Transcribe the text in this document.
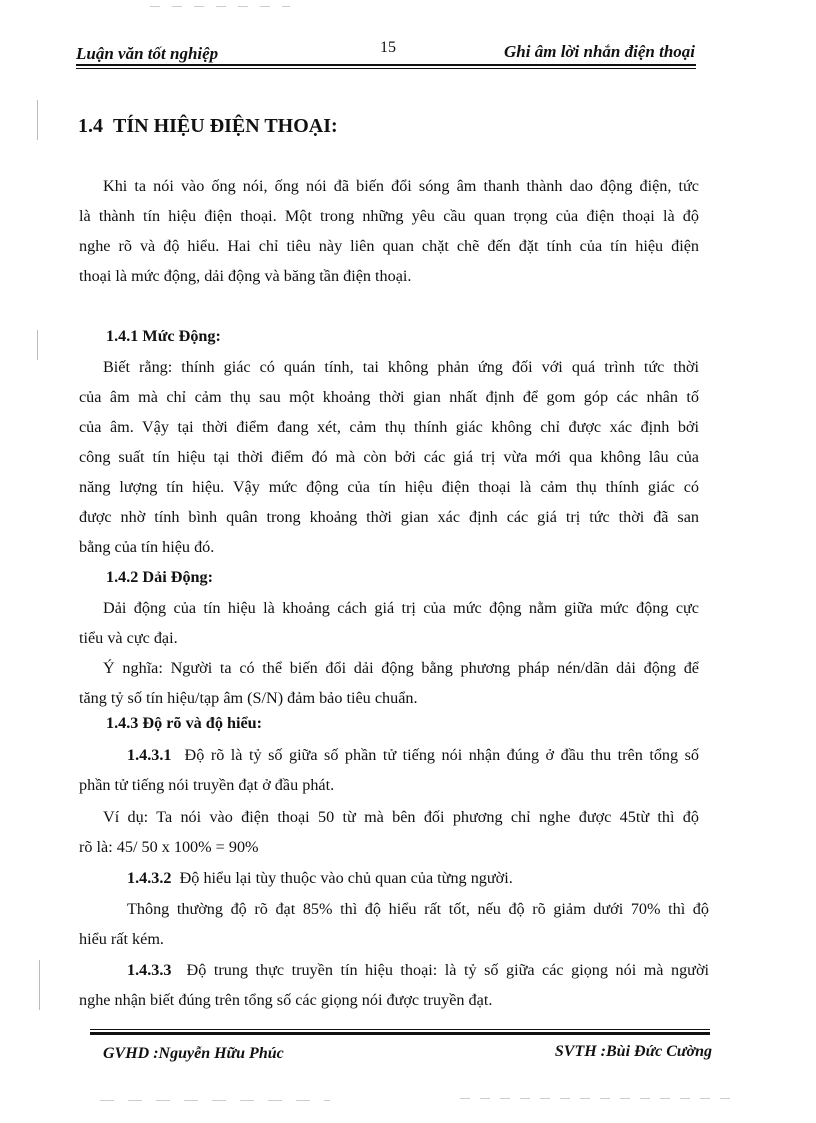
Luận văn tốt nghiệp	15	Ghi âm lời nhắn điện thoại
1.4 TÍN HIỆU ĐIỆN THOẠI:
Khi ta nói vào ống nói, ống nói đã biến đổi sóng âm thanh thành dao động điện, tức
là thành tín hiệu điện thoại. Một trong những yêu cầu quan trọng của điện thoại là độ
nghe rõ và độ hiểu. Hai chỉ tiêu này liên quan chặt chẽ đến đặt tính của tín hiệu điện
thoại là mức động, dải động và băng tần điện thoại.
1.4.1 Mức Động:
Biết rằng: thính giác có quán tính, tai không phản ứng đối với quá trình tức thời
của âm mà chỉ cảm thụ sau một khoảng thời gian nhất định để gom góp các nhân tố
của âm. Vậy tại thời điểm đang xét, cảm thụ thính giác không chỉ được xác định bởi
công suất tín hiệu tại thời điểm đó mà còn bởi các giá trị vừa mới qua không lâu của
năng lượng tín hiệu. Vậy mức động của tín hiệu điện thoại là cảm thụ thính giác có
được nhờ tính bình quân trong khoảng thời gian xác định các giá trị tức thời đã san
bằng của tín hiệu đó.
1.4.2 Dải Động:
Dải động của tín hiệu là khoảng cách giá trị của mức động nằm giữa mức động cực
tiểu và cực đại.
Ý nghĩa: Người ta có thể biến đổi dải động bằng phương pháp nén/dãn dải động để
tăng tỷ số tín hiệu/tạp âm (S/N) đảm bảo tiêu chuẩn.
1.4.3 Độ rõ và độ hiểu:
1.4.3.1 Độ rõ là tỷ số giữa số phần tử tiếng nói nhận đúng ở đầu thu trên tổng số
phần tử tiếng nói truyền đạt ở đầu phát.
Ví dụ: Ta nói vào điện thoại 50 từ mà bên đối phương chỉ nghe được 45từ thì độ
rõ là: 45/ 50 x 100% = 90%
1.4.3.2 Độ hiểu lại tùy thuộc vào chủ quan của từng người.
Thông thường độ rõ đạt 85% thì độ hiểu rất tốt, nếu độ rõ giảm dưới 70% thì độ
hiểu rất kém.
1.4.3.3 Độ trung thực truyền tín hiệu thoại: là tỷ số giữa các giọng nói mà người
nghe nhận biết đúng trên tổng số các giọng nói được truyền đạt.
GVHD :Nguyễn Hữu Phúc	SVTH :Bùi Đức Cường
